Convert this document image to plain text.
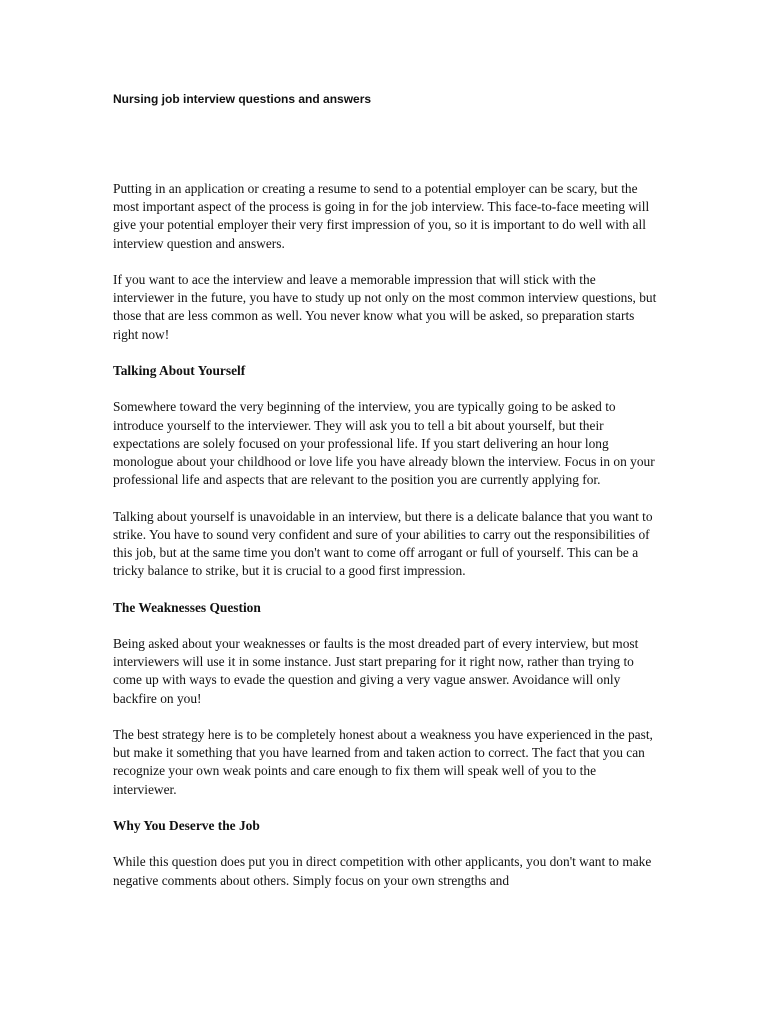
Nursing job interview questions and answers

Putting in an application or creating a resume to send to a potential employer can be scary, but the most important aspect of the process is going in for the job interview. This face-to-face meeting will give your potential employer their very first impression of you, so it is important to do well with all interview question and answers.

If you want to ace the interview and leave a memorable impression that will stick with the interviewer in the future, you have to study up not only on the most common interview questions, but those that are less common as well. You never know what you will be asked, so preparation starts right now!

Talking About Yourself

Somewhere toward the very beginning of the interview, you are typically going to be asked to introduce yourself to the interviewer. They will ask you to tell a bit about yourself, but their expectations are solely focused on your professional life. If you start delivering an hour long monologue about your childhood or love life you have already blown the interview. Focus in on your professional life and aspects that are relevant to the position you are currently applying for.

Talking about yourself is unavoidable in an interview, but there is a delicate balance that you want to strike. You have to sound very confident and sure of your abilities to carry out the responsibilities of this job, but at the same time you don't want to come off arrogant or full of yourself. This can be a tricky balance to strike, but it is crucial to a good first impression.

The Weaknesses Question

Being asked about your weaknesses or faults is the most dreaded part of every interview, but most interviewers will use it in some instance. Just start preparing for it right now, rather than trying to come up with ways to evade the question and giving a very vague answer. Avoidance will only backfire on you!

The best strategy here is to be completely honest about a weakness you have experienced in the past, but make it something that you have learned from and taken action to correct. The fact that you can recognize your own weak points and care enough to fix them will speak well of you to the interviewer.

Why You Deserve the Job

While this question does put you in direct competition with other applicants, you don't want to make negative comments about others. Simply focus on your own strengths and
